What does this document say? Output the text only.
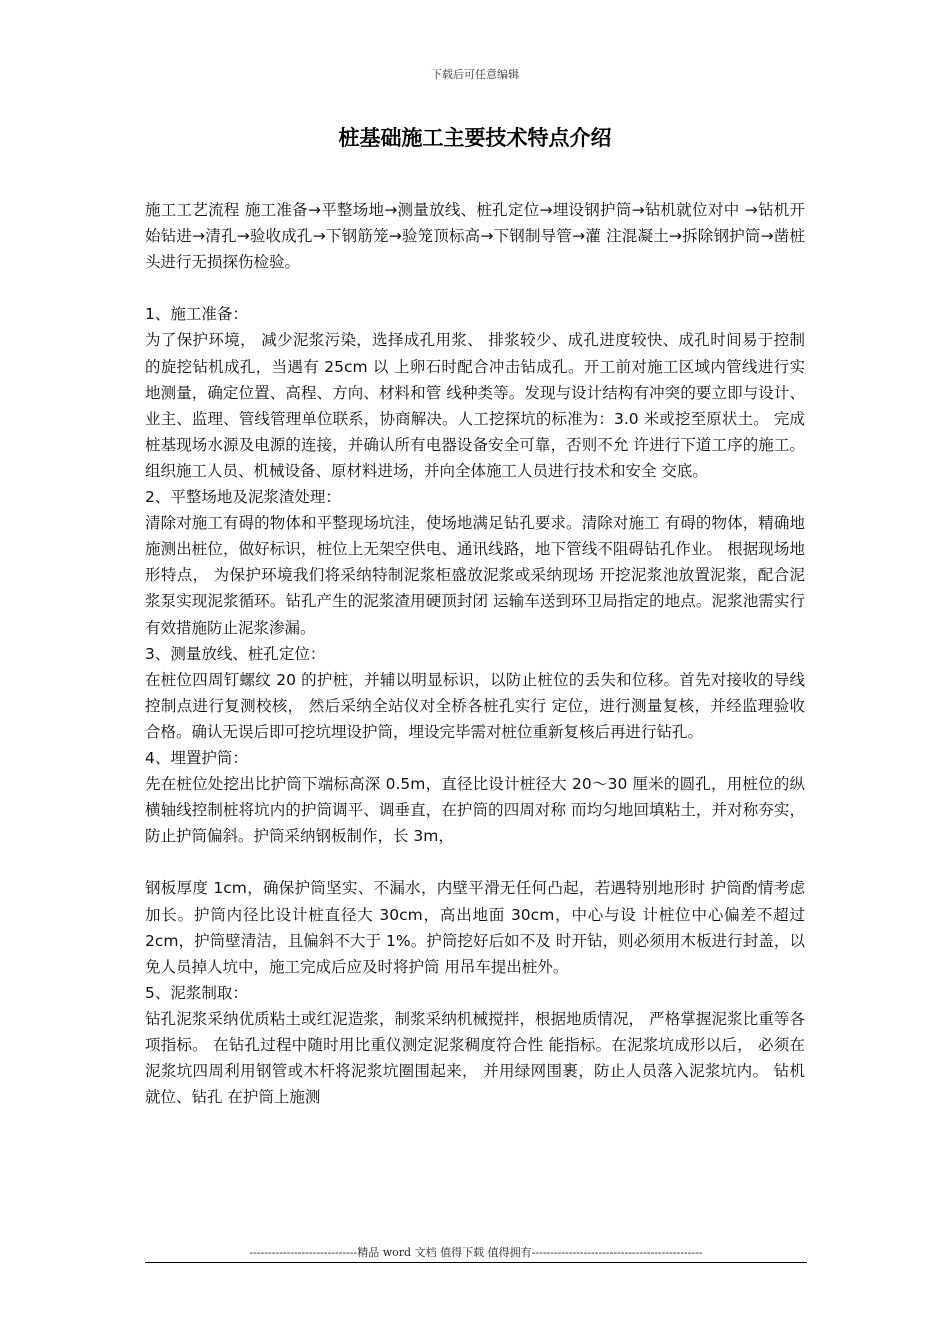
下载后可任意编辑
桩基础施工主要技术特点介绍

施工工艺流程 施工准备→平整场地→测量放线、桩孔定位→埋设钢护筒→钻机就位对中 →钻机开始钻进→清孔→验收成孔→下钢筋笼→验笼顶标高→下钢制导管→灌 注混凝土→拆除钢护筒→凿桩头进行无损探伤检验。

1、施工准备：

为了保护环境， 减少泥浆污染，选择成孔用浆、 排浆较少、成孔进度较快、成孔时间易于控制的旋挖钻机成孔，当遇有 25cm 以 上卵石时配合冲击钻成孔。开工前对施工区域内管线进行实地测量，确定位置、高程、方向、材料和管 线种类等。发现与设计结构有冲突的要立即与设计、业主、监理、管线管理单位联系，协商解决。人工挖探坑的标准为：3.0 米或挖至原状土。 完成桩基现场水源及电源的连接，并确认所有电器设备安全可靠，否则不允 许进行下道工序的施工。 组织施工人员、机械设备、原材料进场，并向全体施工人员进行技术和安全 交底。

2、平整场地及泥浆渣处理：

清除对施工有碍的物体和平整现场坑洼，使场地满足钻孔要求。清除对施工 有碍的物体，精确地施测出桩位，做好标识，桩位上无架空供电、通讯线路，地下管线不阻碍钻孔作业。 根据现场地形特点， 为保护环境我们将采纳特制泥浆柜盛放泥浆或采纳现场 开挖泥浆池放置泥浆，配合泥浆泵实现泥浆循环。钻孔产生的泥浆渣用硬顶封闭 运输车送到环卫局指定的地点。泥浆池需实行有效措施防止泥浆渗漏。

3、测量放线、桩孔定位：

在桩位四周钉螺纹 20 的护桩，并辅以明显标识，以防止桩位的丢失和位移。首先对接收的导线控制点进行复测校核， 然后采纳全站仪对全桥各桩孔实行 定位，进行测量复核，并经监理验收合格。确认无误后即可挖坑埋设护筒，埋设完毕需对桩位重新复核后再进行钻孔。

4、埋置护筒：

先在桩位处挖出比护筒下端标高深 0.5m，直径比设计桩径大 20～30 厘米的圆孔，用桩位的纵横轴线控制桩将坑内的护筒调平、调垂直，在护筒的四周对称 而均匀地回填粘土，并对称夯实，防止护筒偏斜。护筒采纳钢板制作，长 3m，

钢板厚度 1cm，确保护筒坚实、不漏水，内壁平滑无任何凸起，若遇特别地形时 护筒酌情考虑加长。护筒内径比设计桩直径大 30cm，高出地面 30cm，中心与设 计桩位中心偏差不超过 2cm，护筒壁清洁，且偏斜不大于 1%。护筒挖好后如不及 时开钻，则必须用木板进行封盖，以免人员掉人坑中，施工完成后应及时将护筒 用吊车提出桩外。

5、泥浆制取：

钻孔泥浆采纳优质粘土或红泥造浆，制浆采纳机械搅拌，根据地质情况， 严格掌握泥浆比重等各项指标。 在钻孔过程中随时用比重仪测定泥浆稠度符合性 能指标。在泥浆坑成形以后， 必须在泥浆坑四周利用钢管或木杆将泥浆坑圈围起来， 并用绿网围裹，防止人员落入泥浆坑内。 钻机就位、钻孔 在护筒上施测

-----------------------------精品 word 文档 值得下载 值得拥有----------------------------------------------
